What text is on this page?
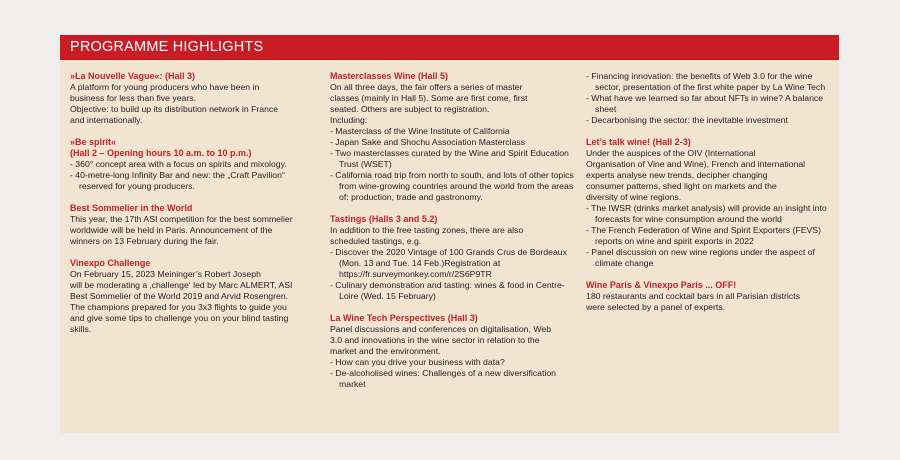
PROGRAMME HIGHLIGHTS
»La Nouvelle Vague«: (Hall 3)
A platform for young producers who have been in
business for less than five years.
Objective: to build up its distribution network in France
and internationally.
»Be spirit«
(Hall 2 – Opening hours 10 a.m. to 10 p.m.)
- 360° concept area with a focus on spirits and mixology.
- 40-metre-long Infinity Bar and new: the „Craft Pavilion“ reserved for young producers.
Best Sommelier in the World
This year, the 17th ASI competition for the best sommelier
worldwide will be held in Paris. Announcement of the
winners on 13 February during the fair.
Vinexpo Challenge
On February 15, 2023 Meininger’s Robert Joseph
will be moderating a ‚challenge‘ led by Marc ALMERT, ASI
Best Sommelier of the World 2019 and Arvid Rosengren.
The champions prepared for you 3x3 flights to guide you
and give some tips to challenge you on your blind tasting
skills.
Masterclasses Wine (Hall 5)
On all three days, the fair offers a series of master
classes (mainly in Hall 5). Some are first come, first
seated. Others are subject to registration.
Including:
- Masterclass of the Wine Institute of California
- Japan Sake and Shochu Association Masterclass
- Two masterclasses curated by the Wine and Spirit Education Trust (WSET)
- California road trip from north to south, and lots of other topics from wine-growing countries around the world from the areas of: production, trade and gastronomy.
Tastings (Halls 3 and 5.2)
In addition to the free tasting zones, there are also
scheduled tastings, e.g.
- Discover the 2020 Vintage of 100 Grands Crus de Bordeaux (Mon. 13 and Tue. 14 Feb.)Registration at https://fr.surveymonkey.com/r/2S6P9TR
- Culinary demonstration and tasting: wines & food in Centre-Loire (Wed. 15 February)
La Wine Tech Perspectives (Hall 3)
Panel discussions and conferences on digitalisation, Web
3.0 and innovations in the wine sector in relation to the
market and the environment.
- How can you drive your business with data?
- De-alcoholised wines: Challenges of a new diversification market
- Financing innovation: the benefits of Web 3.0 for the wine sector, presentation of the first white paper by La Wine Tech
- What have we learned so far about NFTs in wine? A balance sheet
- Decarbonising the sector: the inevitable investment
Let’s talk wine! (Hall 2-3)
Under the auspices of the OIV (International
Organisation of Vine and Wine), French and international
experts analyse new trends, decipher changing
consumer patterns, shed light on markets and the
diversity of wine regions.
- The IWSR (drinks market analysis) will provide an insight into forecasts for wine consumption around the world
- The French Federation of Wine and Spirit Exporters (FEVS) reports on wine and spirit exports in 2022
- Panel discussion on new wine regions under the aspect of climate change
Wine Paris & Vinexpo Paris ... OFF!
180 restaurants and cocktail bars in all Parisian districts
were selected by a panel of experts.
